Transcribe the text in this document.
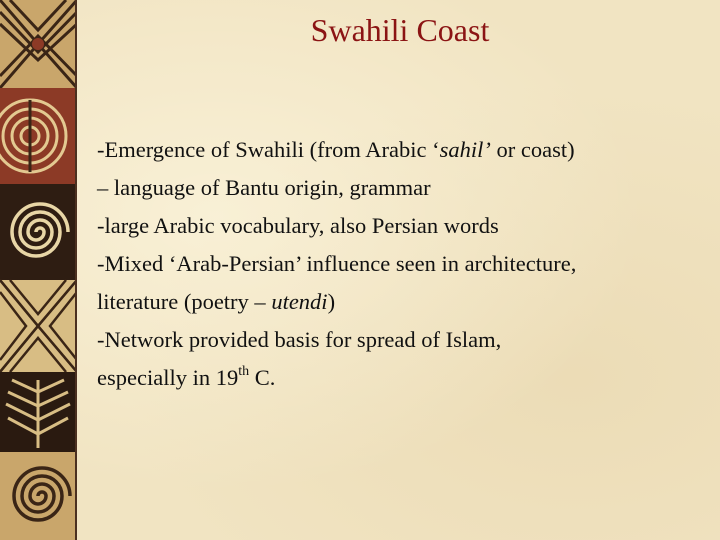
Swahili Coast

-Emergence of Swahili (from Arabic ‘sahil’ or coast)
– language of Bantu origin, grammar

-large Arabic vocabulary, also Persian words

-Mixed ‘Arab-Persian’ influence seen in architecture,
literature (poetry – utendi)

-Network provided basis for spread of Islam,
especially in 19th C.
